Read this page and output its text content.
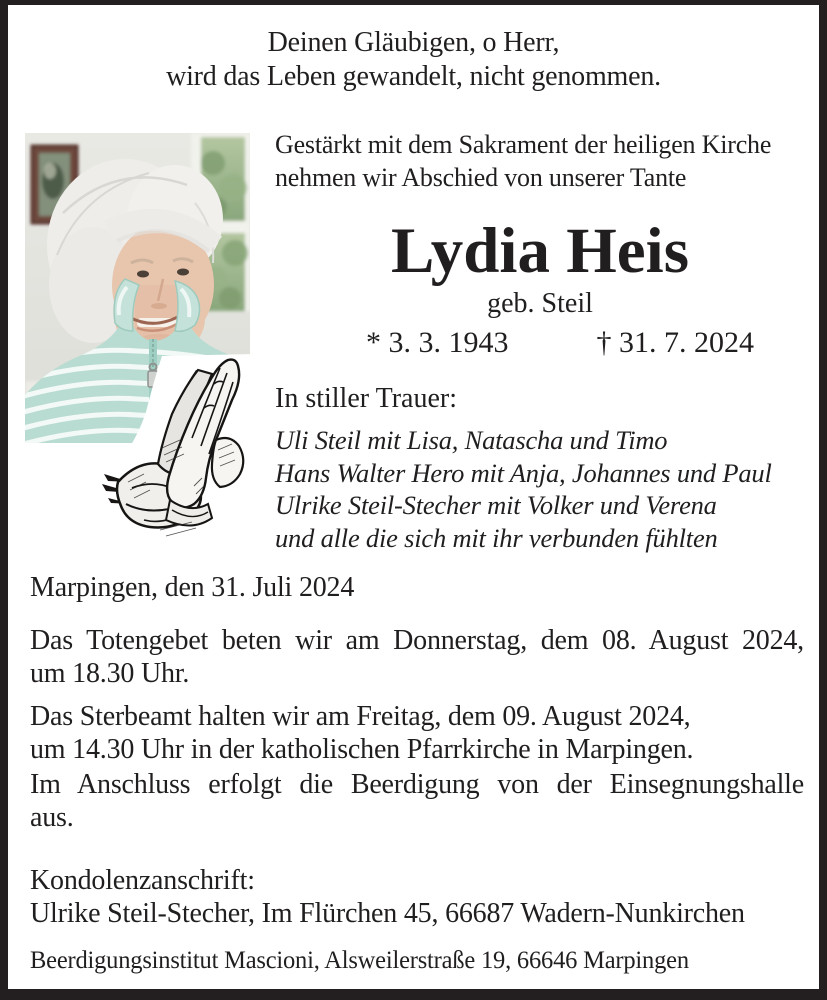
Deinen Gläubigen, o Herr,
wird das Leben gewandelt, nicht genommen.
Gestärkt mit dem Sakrament der heiligen Kirche
nehmen wir Abschied von unserer Tante
Lydia Heis
geb. Steil
* 3. 3. 1943	† 31. 7. 2024
In stiller Trauer:
Uli Steil mit Lisa, Natascha und Timo
Hans Walter Hero mit Anja, Johannes und Paul
Ulrike Steil-Stecher mit Volker und Verena
und alle die sich mit ihr verbunden fühlten
Marpingen, den 31. Juli 2024
Das Totengebet beten wir am Donnerstag, dem 08. August 2024,
um 18.30 Uhr.
Das Sterbeamt halten wir am Freitag, dem 09. August 2024,
um 14.30 Uhr in der katholischen Pfarrkirche in Marpingen.
Im Anschluss erfolgt die Beerdigung von der Einsegnungshalle
aus.
Kondolenzanschrift:
Ulrike Steil-Stecher, Im Flürchen 45, 66687 Wadern-Nunkirchen
Beerdigungsinstitut Mascioni, Alsweilerstraße 19, 66646 Marpingen
